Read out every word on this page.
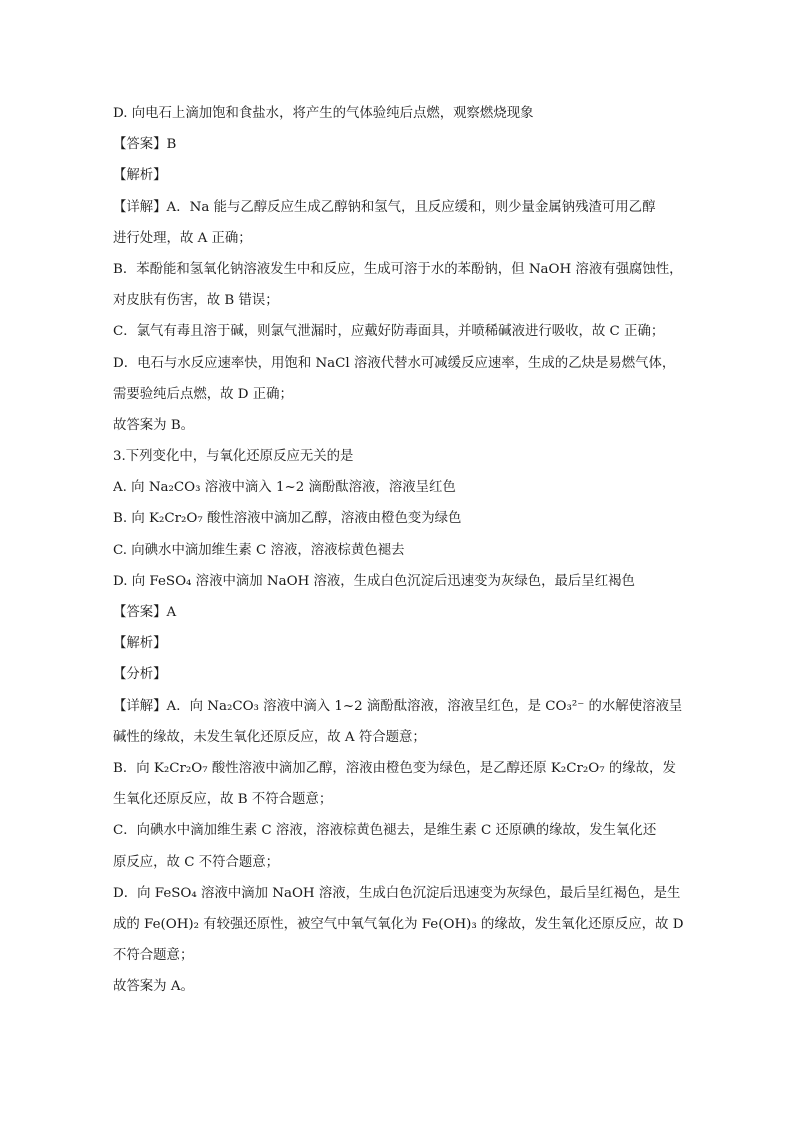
D. 向电石上滴加饱和食盐水，将产生的气体验纯后点燃，观察燃烧现象
【答案】B
【解析】
【详解】A．Na 能与乙醇反应生成乙醇钠和氢气，且反应缓和，则少量金属钠残渣可用乙醇
进行处理，故 A 正确；
B．苯酚能和氢氧化钠溶液发生中和反应，生成可溶于水的苯酚钠，但 NaOH 溶液有强腐蚀性，
对皮肤有伤害，故 B 错误；
C．氯气有毒且溶于碱，则氯气泄漏时，应戴好防毒面具，并喷稀碱液进行吸收，故 C 正确；
D．电石与水反应速率快，用饱和 NaCl 溶液代替水可减缓反应速率，生成的乙炔是易燃气体，
需要验纯后点燃，故 D 正确；
故答案为 B。
3.下列变化中，与氧化还原反应无关的是
A. 向 Na₂CO₃ 溶液中滴入 1~2 滴酚酞溶液，溶液呈红色
B. 向 K₂Cr₂O₇ 酸性溶液中滴加乙醇，溶液由橙色变为绿色
C. 向碘水中滴加维生素 C 溶液，溶液棕黄色褪去
D. 向 FeSO₄ 溶液中滴加 NaOH 溶液，生成白色沉淀后迅速变为灰绿色，最后呈红褐色
【答案】A
【解析】
【分析】
【详解】A．向 Na₂CO₃ 溶液中滴入 1~2 滴酚酞溶液，溶液呈红色，是 CO₃²⁻ 的水解使溶液呈
碱性的缘故，未发生氧化还原反应，故 A 符合题意；
B．向 K₂Cr₂O₇ 酸性溶液中滴加乙醇，溶液由橙色变为绿色，是乙醇还原 K₂Cr₂O₇ 的缘故，发
生氧化还原反应，故 B 不符合题意；
C．向碘水中滴加维生素 C 溶液，溶液棕黄色褪去，是维生素 C 还原碘的缘故，发生氧化还
原反应，故 C 不符合题意；
D．向 FeSO₄ 溶液中滴加 NaOH 溶液，生成白色沉淀后迅速变为灰绿色，最后呈红褐色，是生
成的 Fe(OH)₂ 有较强还原性，被空气中氧气氧化为 Fe(OH)₃ 的缘故，发生氧化还原反应，故 D
不符合题意；
故答案为 A。
